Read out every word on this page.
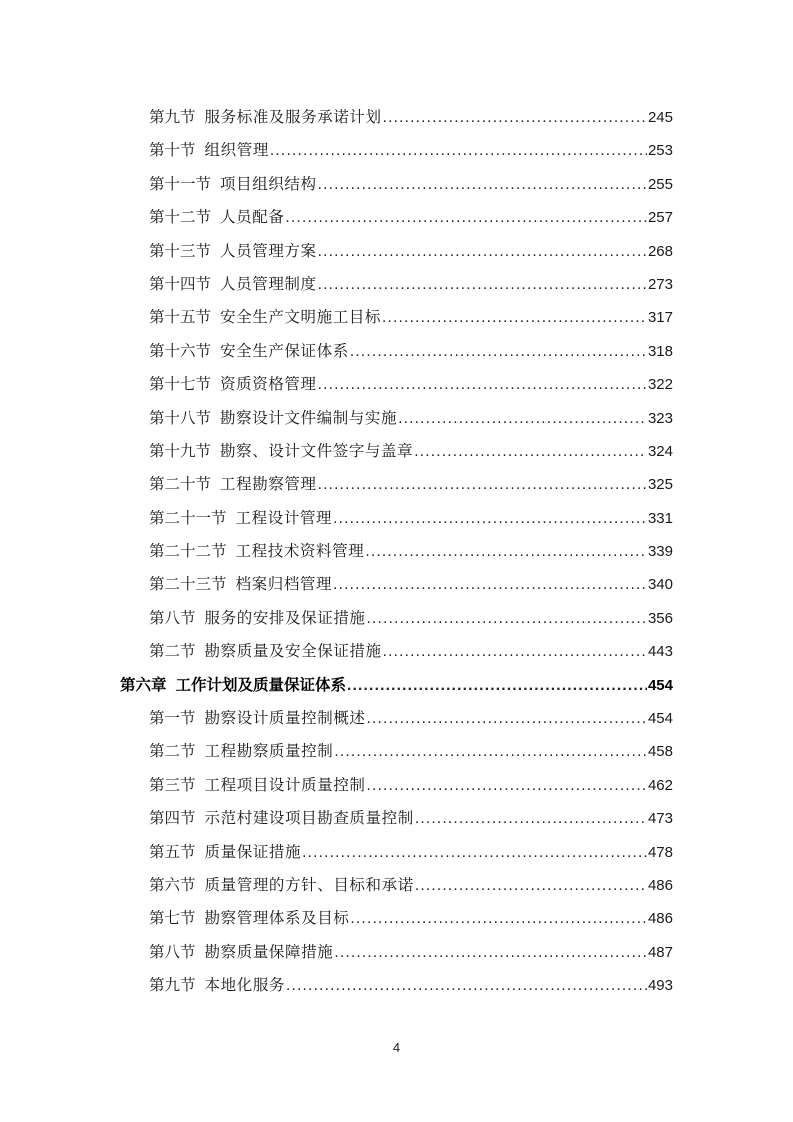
第九节 服务标准及服务承诺计划 .....	245
第十节 组织管理 .....	253
第十一节 项目组织结构 .....	255
第十二节 人员配备 .....	257
第十三节 人员管理方案 .....	268
第十四节 人员管理制度 .....	273
第十五节 安全生产文明施工目标 .....	317
第十六节 安全生产保证体系 .....	318
第十七节 资质资格管理 .....	322
第十八节 勘察设计文件编制与实施 .....	323
第十九节 勘察、设计文件签字与盖章 .....	324
第二十节 工程勘察管理 .....	325
第二十一节 工程设计管理 .....	331
第二十二节 工程技术资料管理 .....	339
第二十三节 档案归档管理 .....	340
第八节 服务的安排及保证措施 .....	356
第二节 勘察质量及安全保证措施 .....	443
第六章 工作计划及质量保证体系 .....	454
第一节 勘察设计质量控制概述 .....	454
第二节 工程勘察质量控制 .....	458
第三节 工程项目设计质量控制 .....	462
第四节 示范村建设项目勘查质量控制 .....	473
第五节 质量保证措施 .....	478
第六节 质量管理的方针、目标和承诺 .....	486
第七节 勘察管理体系及目标 .....	486
第八节 勘察质量保障措施 .....	487
第九节 本地化服务 .....	493
4
